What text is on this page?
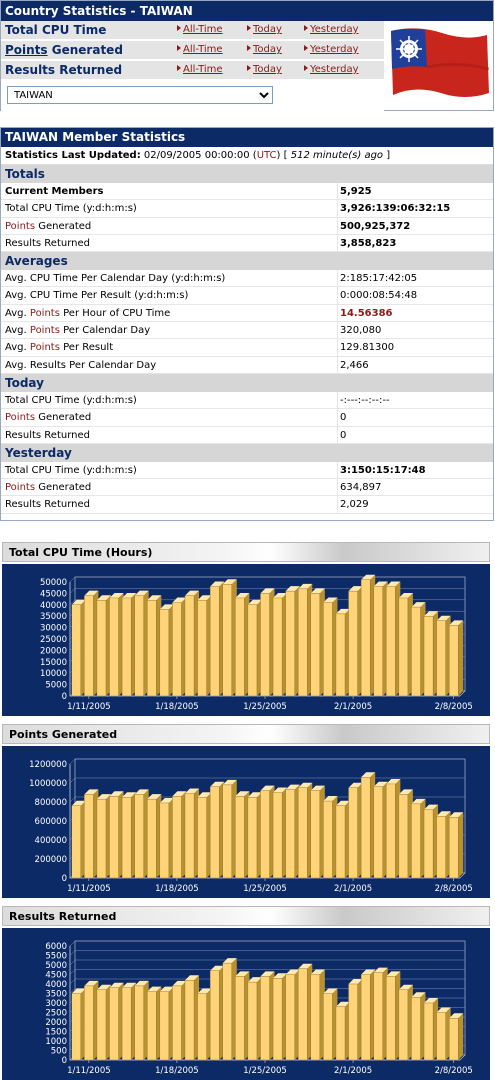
Country Statistics - TAIWAN
Total CPU Time	All-Time	Today	Yesterday
Points Generated	All-Time	Today	Yesterday
Results Returned	All-Time	Today	Yesterday
TAIWAN
TAIWAN Member Statistics
Statistics Last Updated: 02/09/2005 00:00:00 (UTC) [ 512 minute(s) ago ]
Totals
Current Members	5,925
Total CPU Time (y:d:h:m:s)	3,926:139:06:32:15
Points Generated	500,925,372
Results Returned	3,858,823
Averages
Avg. CPU Time Per Calendar Day (y:d:h:m:s)	2:185:17:42:05
Avg. CPU Time Per Result (y:d:h:m:s)	0:000:08:54:48
Avg. Points Per Hour of CPU Time	14.56386
Avg. Points Per Calendar Day	320,080
Avg. Points Per Result	129.81300
Avg. Results Per Calendar Day	2,466
Today
Total CPU Time (y:d:h:m:s)	-:---:--:--:--
Points Generated	0
Results Returned	0
Yesterday
Total CPU Time (y:d:h:m:s)	3:150:15:17:48
Points Generated	634,897
Results Returned	2,029
Total CPU Time (Hours)
0
5000
10000
15000
20000
25000
30000
35000
40000
45000
50000
1/11/2005	1/18/2005	1/25/2005	2/1/2005	2/8/2005
Points Generated
0
200000
400000
600000
800000
1000000
1200000
1/11/2005	1/18/2005	1/25/2005	2/1/2005	2/8/2005
Results Returned
0
500
1000
1500
2000
2500
3000
3500
4000
4500
5000
5500
6000
1/11/2005	1/18/2005	1/25/2005	2/1/2005	2/8/2005
